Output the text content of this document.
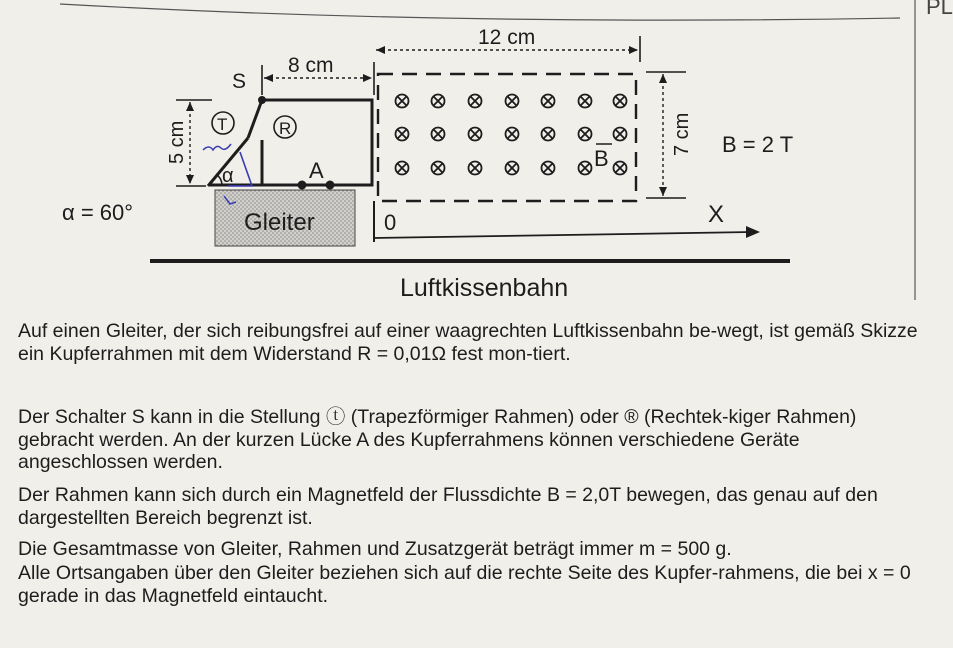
PL
Gleiter
Luftkissenbahn
A
T	R
α
S
8 cm
5 cm
12 cm
7 cm B = 2 T
B
0	X
α = 60°

Auf einen Gleiter, der sich reibungsfrei auf einer waagrechten Luftkissenbahn be-wegt, ist gemäß Skizze ein Kupferrahmen mit dem Widerstand R = 0,01Ω fest mon-tiert.

Der Schalter S kann in die Stellung ⓣ (Trapezförmiger Rahmen) oder ® (Rechtek-kiger Rahmen) gebracht werden. An der kurzen Lücke A des Kupferrahmens können verschiedene Geräte angeschlossen werden.

Der Rahmen kann sich durch ein Magnetfeld der Flussdichte B = 2,0T bewegen, das genau auf den dargestellten Bereich begrenzt ist.

Die Gesamtmasse von Gleiter, Rahmen und Zusatzgerät beträgt immer m = 500 g.

Alle Ortsangaben über den Gleiter beziehen sich auf die rechte Seite des Kupfer-rahmens, die bei x = 0 gerade in das Magnetfeld eintaucht.
